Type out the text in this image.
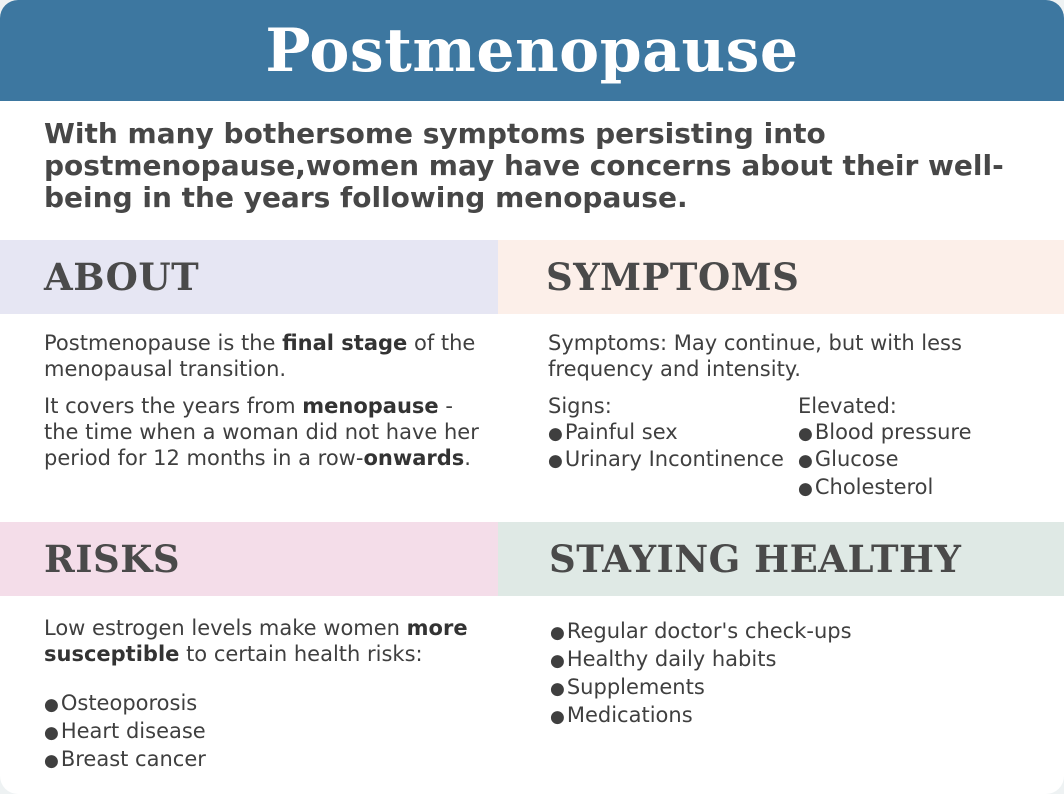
Postmenopause
With many bothersome symptoms persisting into postmenopause,women may have concerns about their well-being in the years following menopause.
ABOUT

Postmenopause is the final stage of the menopausal transition.

It covers the years from menopause - the time when a woman did not have her period for 12 months in a row-onwards.

SYMPTOMS

Symptoms: May continue, but with less frequency and intensity.

Signs:
●Painful sex
●Urinary Incontinence
Elevated:
●Blood pressure
●Glucose
●Cholesterol
RISKS

Low estrogen levels make women more susceptible to certain health risks:

●Osteoporosis
●Heart disease
●Breast cancer
STAYING HEALTHY
●Regular doctor's check-ups
●Healthy daily habits
●Supplements
●Medications
